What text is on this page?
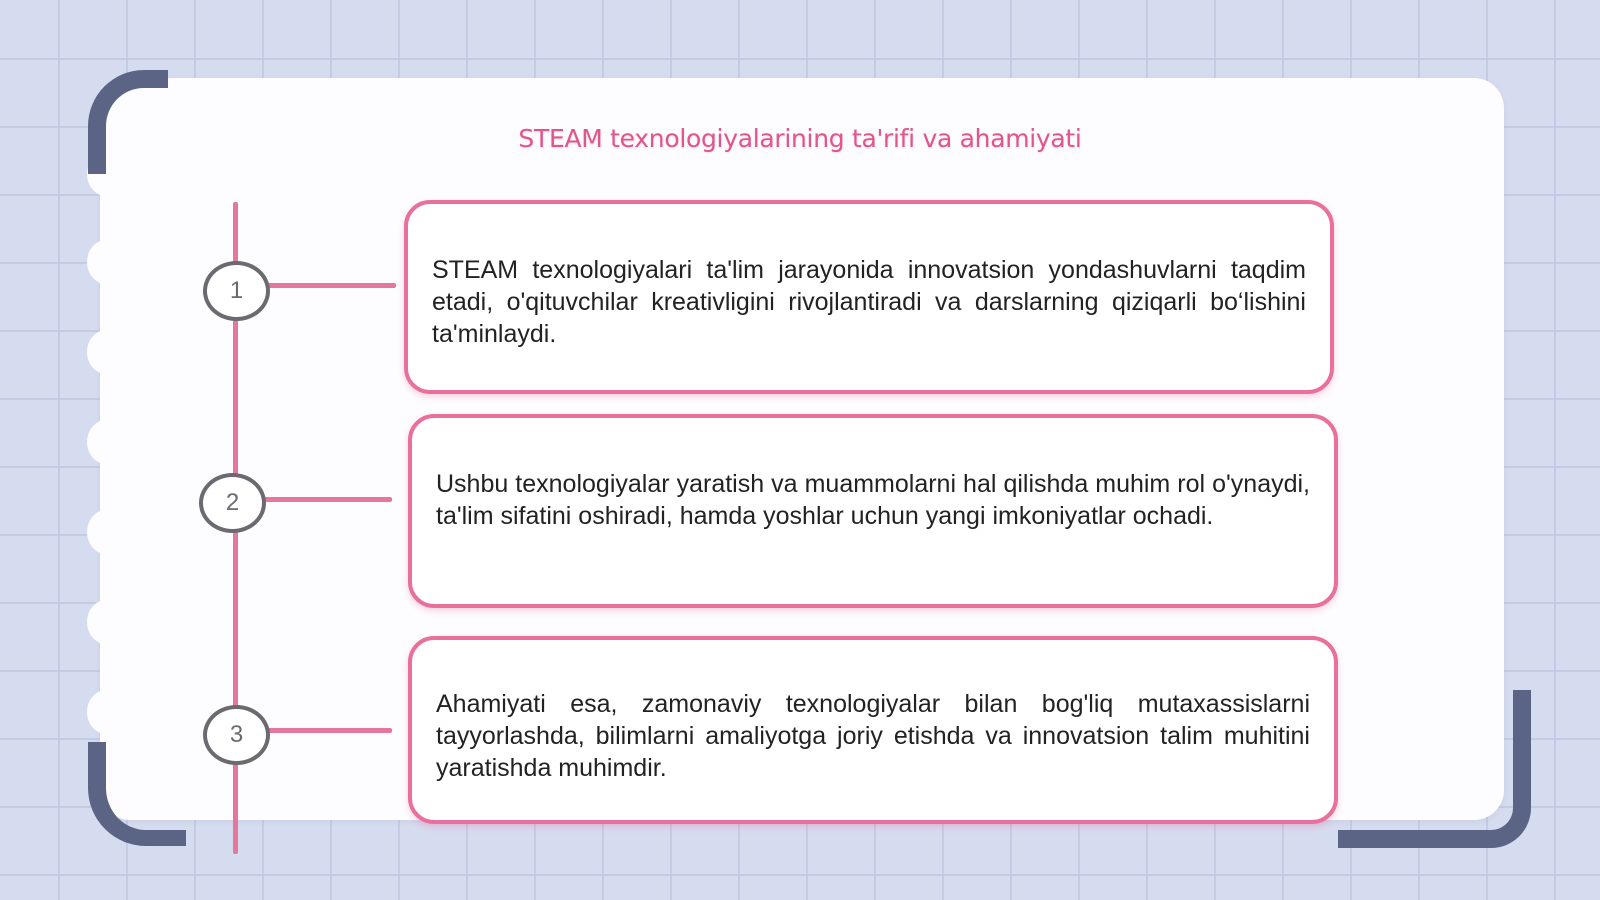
STEAM texnologiyalarining ta'rifi va ahamiyati
1
2
3
STEAM texnologiyalari ta'lim jarayonida innovatsion yondashuvlarni taqdim etadi, o'qituvchilar kreativligini rivojlantiradi va darslarning qiziqarli bo‘lishini ta'minlaydi.
Ushbu texnologiyalar yaratish va muammolarni hal qilishda muhim rol o'ynaydi, ta'lim sifatini oshiradi, hamda yoshlar uchun yangi imkoniyatlar ochadi.
Ahamiyati esa, zamonaviy texnologiyalar bilan bog'liq mutaxassislarni tayyorlashda, bilimlarni amaliyotga joriy etishda va innovatsion talim muhitini yaratishda muhimdir.
